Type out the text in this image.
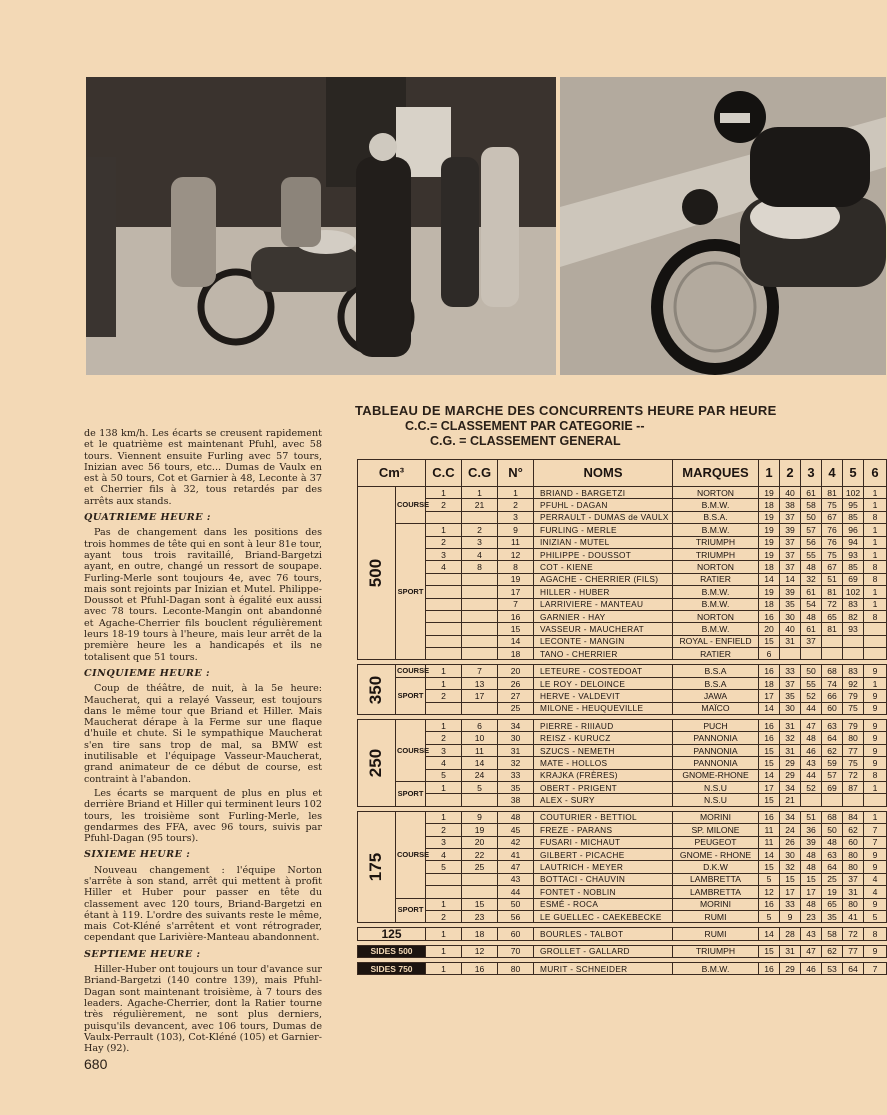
de 138 km/h. Les écarts se creusent rapidement et le quatrième est maintenant Pfuhl, avec 58 tours. Viennent ensuite Furling avec 57 tours, Inizian avec 56 tours, etc... Dumas de Vaulx en est à 50 tours, Cot et Garnier à 48, Leconte à 37 et Cherrier fils à 32, tous retardés par des arrêts aux stands.

QUATRIEME HEURE :

Pas de changement dans les positions des trois hommes de tête qui en sont à leur 81e tour, ayant tous trois ravitaillé, Briand-Bargetzi ayant, en outre, changé un ressort de soupape. Furling-Merle sont toujours 4e, avec 76 tours, mais sont rejoints par Inizian et Mutel. Philippe-Doussot et Pfuhl-Dagan sont à égalité eux aussi avec 78 tours. Leconte-Mangin ont abandonné et Agache-Cherrier fils bouclent régulièrement leurs 18-19 tours à l'heure, mais leur arrêt de la première heure les a handicapés et ils ne totalisent que 51 tours.

CINQUIEME HEURE :

Coup de théâtre, de nuit, à la 5e heure: Maucherat, qui a relayé Vasseur, est toujours dans le même tour que Briand et Hiller. Mais Maucherat dérape à la Ferme sur une flaque d'huile et chute. Si le sympathique Maucherat s'en tire sans trop de mal, sa BMW est inutilisable et l'équipage Vasseur-Maucherat, grand animateur de ce début de course, est contraint à l'abandon.

Les écarts se marquent de plus en plus et derrière Briand et Hiller qui terminent leurs 102 tours, les troisième sont Furling-Merle, les gendarmes des FFA, avec 96 tours, suivis par Pfuhl-Dagan (95 tours).

SIXIEME HEURE :

Nouveau changement : l'équipe Norton s'arrête à son stand, arrêt qui mettent à profit Hiller et Huber pour passer en tête du classement avec 120 tours, Briand-Bargetzi en étant à 119. L'ordre des suivants reste le même, mais Cot-Kléné s'arrêtent et vont rétrograder, cependant que Larivière-Manteau abandonnent.

SEPTIEME HEURE :

Hiller-Huber ont toujours un tour d'avance sur Briand-Bargetzi (140 contre 139), mais Pfuhl-Dagan sont maintenant troisième, à 7 tours des leaders. Agache-Cherrier, dont la Ratier tourne très régulièrement, ne sont plus derniers, puisqu'ils devancent, avec 106 tours, Dumas de Vaulx-Perrault (103), Cot-Kléné (105) et Garnier-Hay (92).

680
TABLEAU DE MARCHE DES CONCURRENTS HEURE PAR HEURE
C.C.= CLASSEMENT PAR CATEGORIE --
C.G. = CLASSEMENT GENERAL
Cm³		C.C	C.G	N°	NOMS	MARQUES	1	2	3	4	5	6
500	COURSE	1	1	1	BRIAND - BARGETZI	NORTON	19	40	61	81	102	1
		2	21	2	PFUHL - DAGAN	B.M.W.	18	38	58	75	95	1
				3	PERRAULT - DUMAS de VAULX	B.S.A.	19	37	50	67	85	8
	SPORT	1	2	9	FURLING - MERLE	B.M.W.	19	39	57	76	96	1
		2	3	11	INIZIAN - MUTEL	TRIUMPH	19	37	56	76	94	1
		3	4	12	PHILIPPE - DOUSSOT	TRIUMPH	19	37	55	75	93	1
		4	8	8	COT - KIENE	NORTON	18	37	48	67	85	8
				19	AGACHE - CHERRIER (FILS)	RATIER	14	14	32	51	69	8
				17	HILLER - HUBER	B.M.W.	19	39	61	81	102	1
				7	LARRIVIERE - MANTEAU	B.M.W.	18	35	54	72	83	1
				16	GARNIER - HAY	NORTON	16	30	48	65	82	8
				15	VASSEUR - MAUCHERAT	B.M.W.	20	40	61	81	93	
				14	LECONTE - MANGIN	ROYAL - ENFIELD	15	31	37			
				18	TANO - CHERRIER	RATIER	6					

350	COURSE	1	7	20	LETEURE - COSTEDOAT	B.S.A	16	33	50	68	83	9
	SPORT	1	13	26	LE ROY - DELOINCE	B.S.A	18	37	55	74	92	1
		2	17	27	HERVE - VALDEVIT	JAWA	17	35	52	66	79	9
				25	MILONE - HEUQUEVILLE	MAÏCO	14	30	44	60	75	9

250	COURSE	1	6	34	PIERRE - RIIIAUD	PUCH	16	31	47	63	79	9
		2	10	30	REISZ - KURUCZ	PANNONIA	16	32	48	64	80	9
		3	11	31	SZUCS - NEMETH	PANNONIA	15	31	46	62	77	9
		4	14	32	MATE - HOLLOS	PANNONIA	15	29	43	59	75	9
		5	24	33	KRAJKA (FRÈRES)	GNOME-RHONE	14	29	44	57	72	8
	SPORT	1	5	35	OBERT - PRIGENT	N.S.U	17	34	52	69	87	1
				38	ALEX - SURY	N.S.U	15	21				

175	COURSE	1	9	48	COUTURIER - BETTIOL	MORINI	16	34	51	68	84	1
		2	19	45	FREZE - PARANS	SP. MILONE	11	24	36	50	62	7
		3	20	42	FUSARI - MICHAUT	PEUGEOT	11	26	39	48	60	7
		4	22	41	GILBERT - PICACHE	GNOME - RHONE	14	30	48	63	80	9
		5	25	47	LAUTRICH - MEYER	D.K.W	15	32	48	64	80	9
				43	BOTTACI - CHAUVIN	LAMBRETTA	5	15	15	25	37	4
				44	FONTET - NOBLIN	LAMBRETTA	12	17	17	19	31	4
	SPORT	1	15	50	ESMÉ - ROCA	MORINI	16	33	48	65	80	9
		2	23	56	LE GUELLEC - CAEKEBECKE	RUMI	5	9	23	35	41	5

125		1	18	60	BOURLES - TALBOT	RUMI	14	28	43	58	72	8

SIDES 500		1	12	70	GROLLET - GALLARD	TRIUMPH	15	31	47	62	77	9

SIDES 750		1	16	80	MURIT - SCHNEIDER	B.M.W.	16	29	46	53	64	7
